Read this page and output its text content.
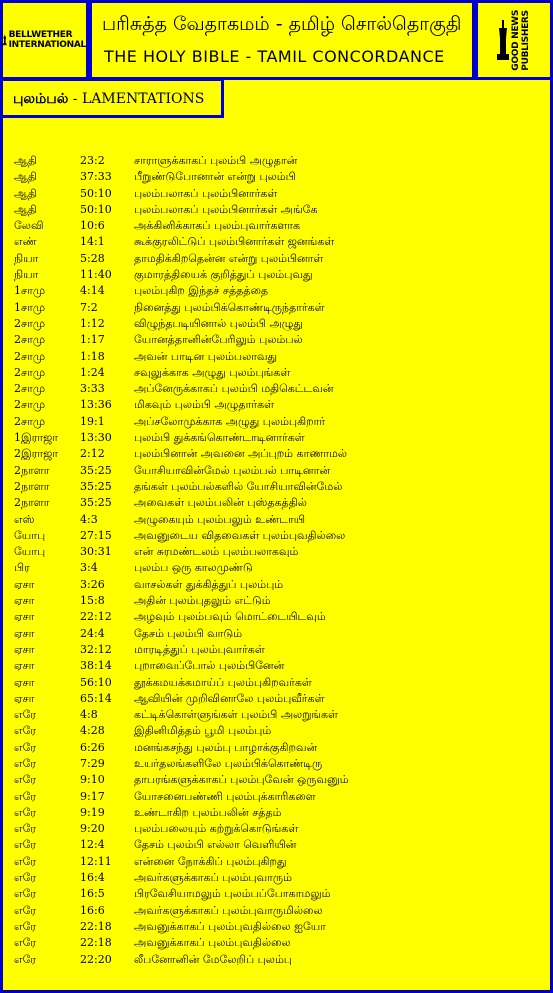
BELLWETHER
INTERNATIONAL
பரிசுத்த வேதாகமம் - தமிழ் சொல்தொகுதி
THE HOLY BIBLE - TAMIL CONCORDANCE	GOOD NEWS PUBLISHERS
புலம்பல் - LAMENTATIONS
ஆதி	23:2	சாராளுக்காகப் புலம்பி அழுதான்
ஆதி	37:33 பீறுண்டுபோனான் என்று புலம்பி
ஆதி	50:10 புலம்பலாகப் புலம்பினார்கள்
ஆதி	50:10 புலம்பலாகப் புலம்பினார்கள் அங்கே
லேவி	10:6	அக்கினிக்காகப் புலம்புவார்களாக
எண்	14:1	கூக்குரலிட்டுப் புலம்பினார்கள் ஜனங்கள்
நியா	5:28	தாமதிக்கிறதென்ன என்று புலம்பினாள்
நியா	11:40 குமாரத்தியைக் குறித்துப் புலம்புவது
1சாமு	4:14	புலம்புகிற இந்தச் சத்தத்தை
1சாமு	7:2	நினைத்து புலம்பிக்கொண்டிருந்தார்கள்
2சாமு	1:12	விழுந்தபடியினால் புலம்பி அழுது
2சாமு	1:17	யோனத்தானின்பேரிலும் புலம்பல்
2சாமு	1:18	அவன் பாடின புலம்பலாவது
2சாமு	1:24	சவுலுக்காக அழுது புலம்புங்கள்
2சாமு	3:33	அப்னேருக்காகப் புலம்பி மதிகெட்டவன்
2சாமு	13:36 மிகவும் புலம்பி அழுதார்கள்
2சாமு	19:1	அப்சலோமுக்காக அழுது புலம்புகிறார்
1இராஜா 13:30 புலம்பி துக்கங்கொண்டாடினார்கள்
2இராஜா 2:12	புலம்பினான் அவனை அப்புறம் காணாமல்
2நாளா	35:25 யோசியாவின்மேல் புலம்பல் பாடினான்
2நாளா	35:25 தங்கள் புலம்பல்களில் யோசியாவின்மேல்
2நாளா	35:25 அவைகள் புலம்பலின் புஸ்தகத்தில்
எஸ்	4:3	அழுகையும் புலம்பலும் உண்டாயி
யோபு	27:15 அவனுடைய விதவைகள் புலம்புவதில்லை
யோபு	30:31 என் சுரமண்டலம் புலம்பலாகவும்
பிர	3:4	புலம்ப ஒரு காலமுண்டு
ஏசா	3:26	வாசல்கள் துக்கித்துப் புலம்பும்
ஏசா	15:8	அதின் புலம்புதலும் எட்டும்
ஏசா	22:12 அழவும் புலம்பவும் மொட்டையிடவும்
ஏசா	24:4	தேசம் புலம்பி வாடும்
ஏசா	32:12 மாரடித்துப் புலம்புவார்கள்
ஏசா	38:14 புறாவைப்போல் புலம்பினேன்
ஏசா	56:10 தூக்கமயக்கமாய்ப் புலம்புகிறவர்கள்
ஏசா	65:14 ஆவியின் முறிவினாலே புலம்புவீர்கள்
எரே	4:8	கட்டிக்கொள்ளுங்கள் புலம்பி அலறுங்கள்
எரே	4:28	இதினிமித்தம் பூமி புலம்பும்
எரே	6:26	மனங்கசந்து புலம்பு பாழாக்குகிறவன்
எரே	7:29	உயர்தலங்களிலே புலம்பிக்கொண்டிரு
எரே	9:10	தாபரங்களுக்காகப் புலம்புவேன் ஒருவனும்
எரே	9:17	யோசனைபண்ணி புலம்புக்காரிகளை
எரே	9:19	உண்டாகிற புலம்பலின் சத்தம்
எரே	9:20	புலம்பலையும் கற்றுக்கொடுங்கள்
எரே	12:4	தேசம் புலம்பி எல்லா வெளியின்
எரே	12:11 என்னை நோக்கிப் புலம்புகிறது
எரே	16:4	அவர்களுக்காகப் புலம்புவாரும்
எரே	16:5	பிரவேசியாமலும் புலம்பப்போகாமலும்
எரே	16:6	அவர்களுக்காகப் புலம்புவாருமில்லை
எரே	22:18 அவனுக்காகப் புலம்புவதில்லை ஐயோ
எரே	22:18 அவனுக்காகப் புலம்புவதில்லை
எரே	22:20 லீபனோனின் மேலேறிப் புலம்பு
